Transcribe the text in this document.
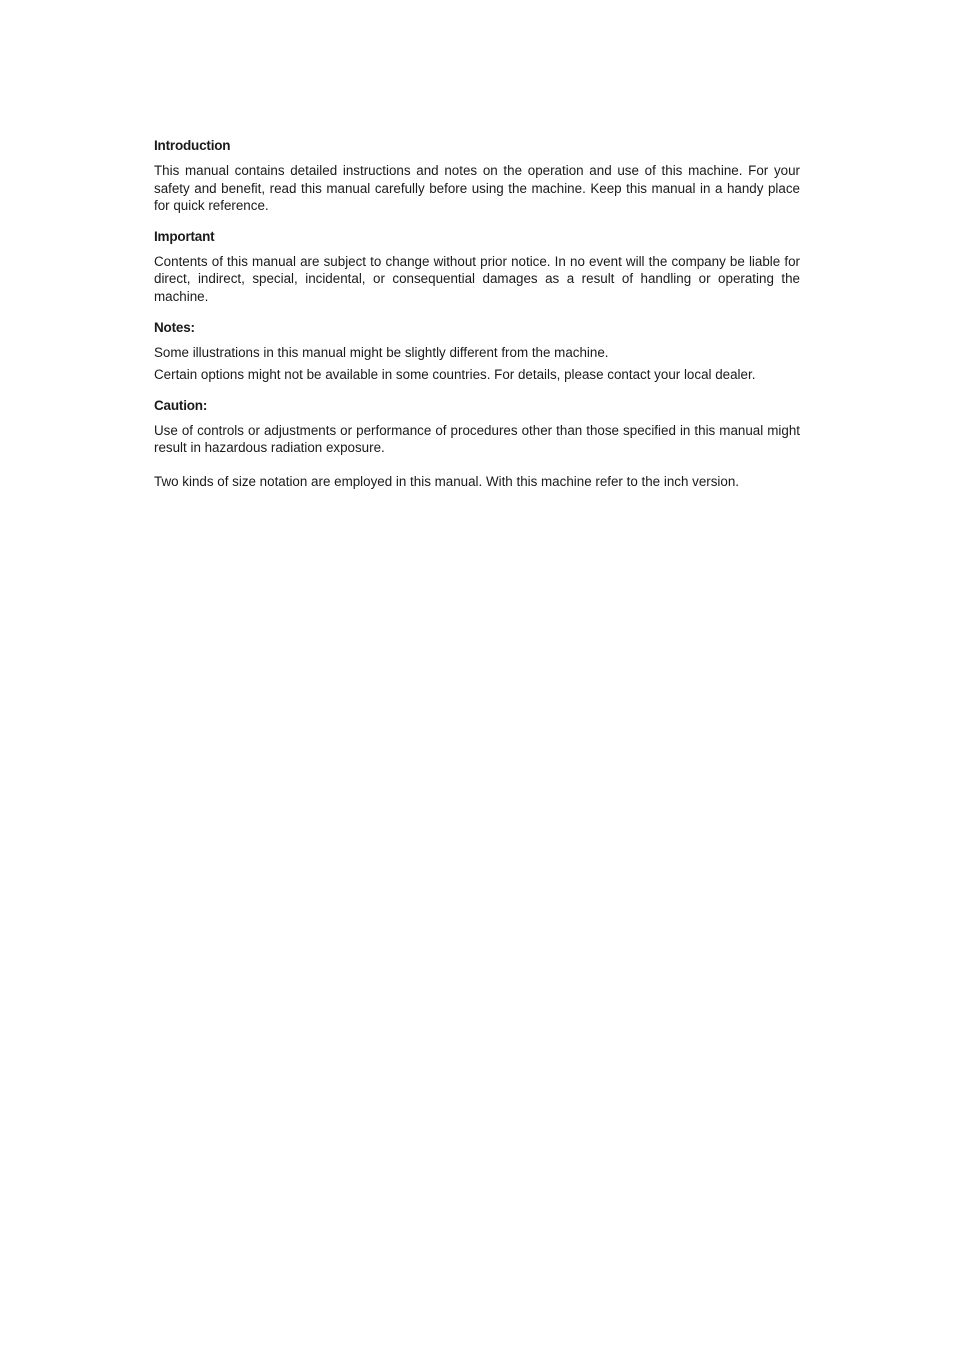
Introduction

This manual contains detailed instructions and notes on the operation and use of this machine. For your safety and benefit, read this manual carefully before using the machine. Keep this manual in a handy place for quick reference.

Important

Contents of this manual are subject to change without prior notice. In no event will the company be liable for direct, indirect, special, incidental, or consequential damages as a result of handling or operating the machine.

Notes:

Some illustrations in this manual might be slightly different from the machine.

Certain options might not be available in some countries. For details, please contact your local dealer.

Caution:

Use of controls or adjustments or performance of procedures other than those specified in this manual might result in hazardous radiation exposure.

Two kinds of size notation are employed in this manual. With this machine refer to the inch version.
